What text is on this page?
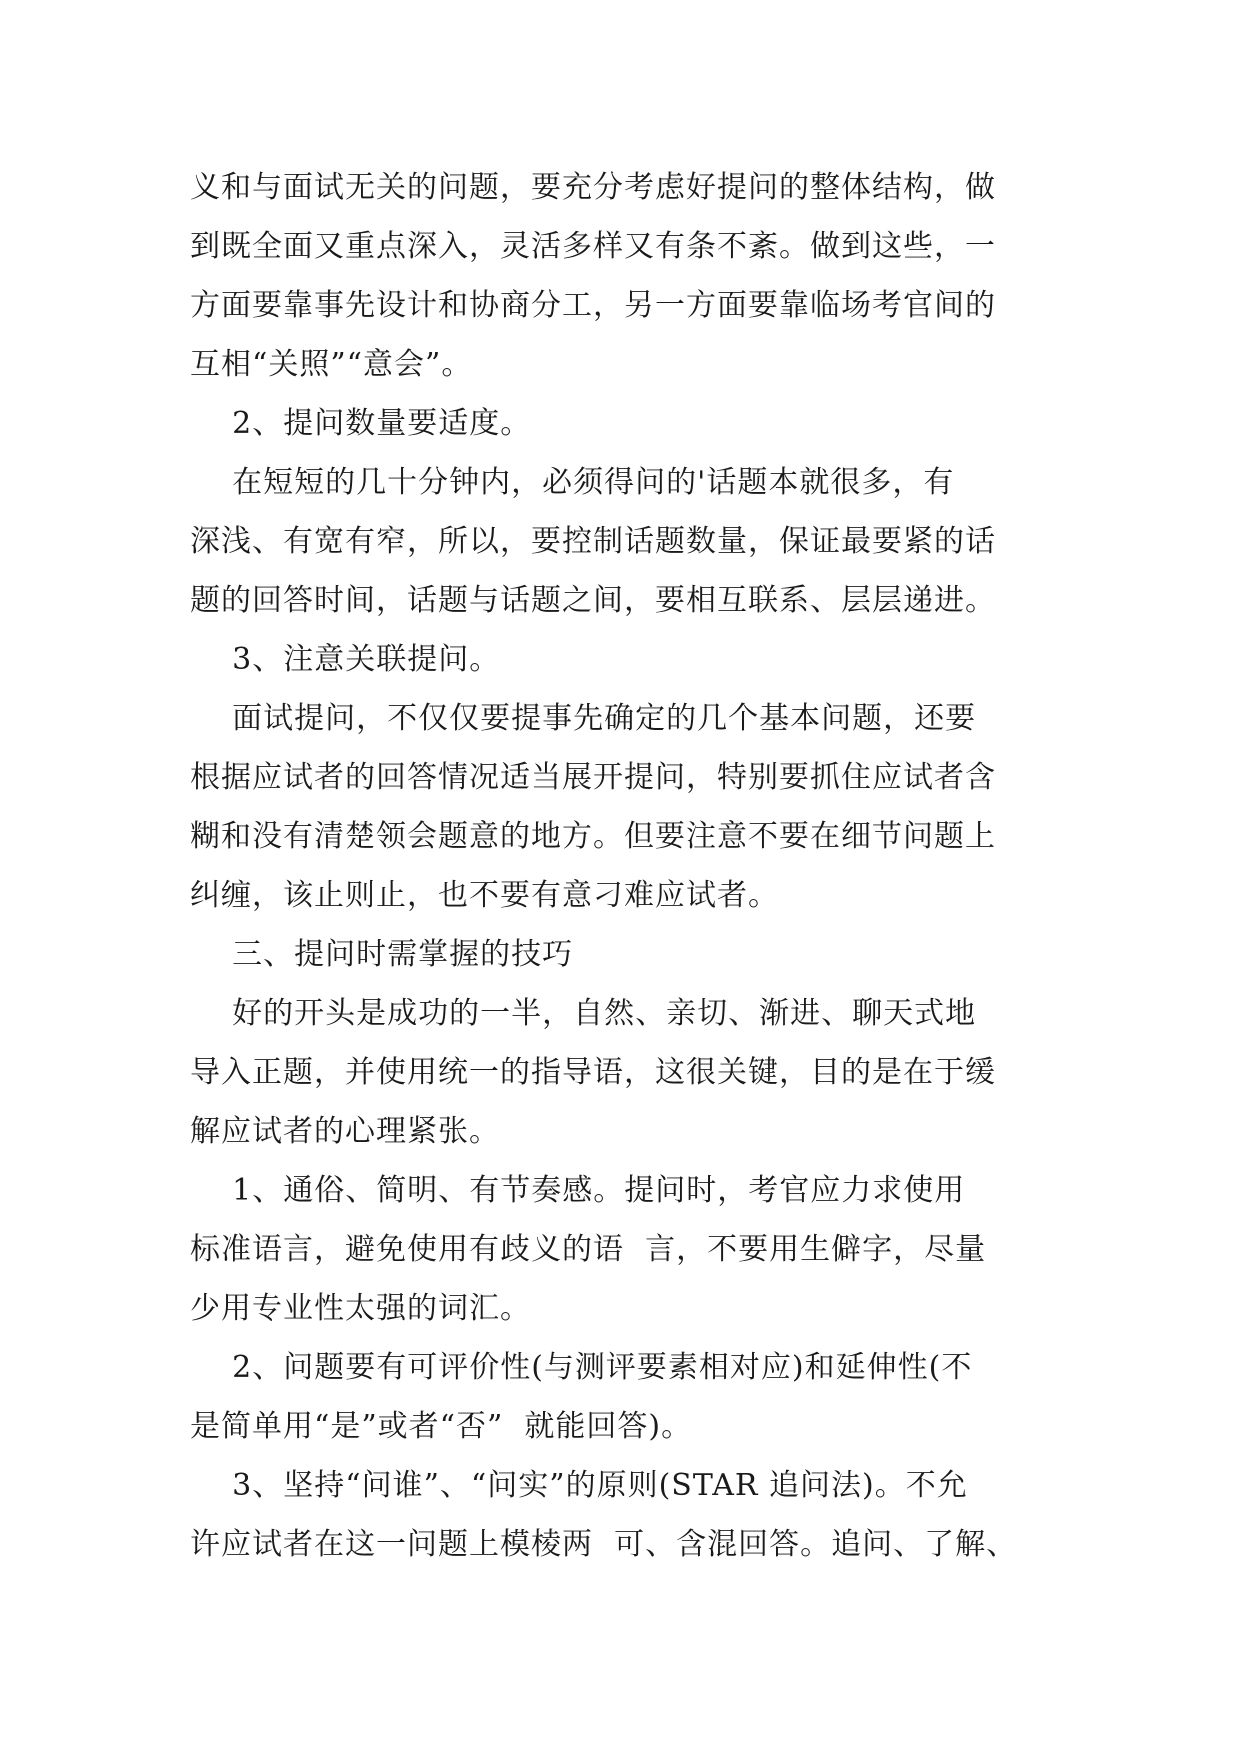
义和与面试无关的问题，要充分考虑好提问的整体结构，做
到既全面又重点深入，灵活多样又有条不紊。做到这些，一
方面要靠事先设计和协商分工，另一方面要靠临场考官间的
互相“关照”“意会”。
2、提问数量要适度。
在短短的几十分钟内，必须得问的'话题本就很多，有
深浅、有宽有窄，所以，要控制话题数量，保证最要紧的话
题的回答时间，话题与话题之间，要相互联系、层层递进。
3、注意关联提问。
面试提问，不仅仅要提事先确定的几个基本问题，还要
根据应试者的回答情况适当展开提问，特别要抓住应试者含
糊和没有清楚领会题意的地方。但要注意不要在细节问题上
纠缠，该止则止，也不要有意刁难应试者。
三、提问时需掌握的技巧
好的开头是成功的一半，自然、亲切、渐进、聊天式地
导入正题，并使用统一的指导语，这很关键，目的是在于缓
解应试者的心理紧张。
1、通俗、简明、有节奏感。提问时，考官应力求使用
标准语言，避免使用有歧义的语  言，不要用生僻字，尽量
少用专业性太强的词汇。
2、问题要有可评价性(与测评要素相对应)和延伸性(不
是简单用“是”或者“否”  就能回答)。
3、坚持“问谁”、“问实”的原则(STAR 追问法)。不允
许应试者在这一问题上模棱两  可、含混回答。追问、了解、
